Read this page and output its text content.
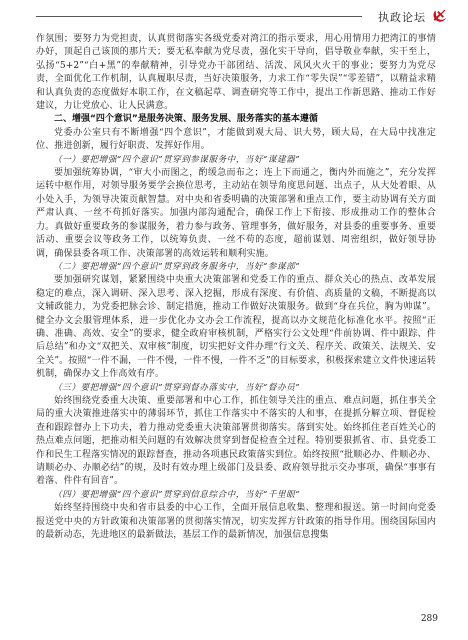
执政论坛

作氛围；要努力为党担责，认真贯彻落实各级党委对湾江的指示要求，用心用情用力把湾江的事情办好，顶起自己该顶的那片天；要无私奉献为党尽责，强化实干导向，倡导敬业奉献，实干至上，弘扬“5+2”“白+黑”的奉献精神，引导党办干部团结、活泼、风风火火干的事业；要努力为党尽责，全面优化工作机制，认真履职尽责，当好决策服务，力求工作“零失误”“零差错”，以精益求精和认真负责的态度做好本职工作，在文稿起草、调查研究等工作中，提出工作新思路、推动工作好建议，力让党放心、让人民满意。

二、增强“四个意识”是服务决策、服务发展、服务落实的基本遵循

党委办公室只有不断增强“四个意识”，才能做到观大局、识大势，顾大局，在大局中找准定位、推进创新，履行好职责、发挥好作用。

（一）要把增强“四个意识”贯穿到参谋服务中，当好“谋建器”

要加强统筹协调，“审大小而图之，酌缓急而布之；连上下而通之，衡内外而施之”，充分发挥运转中枢作用，对领导服务要学会换位思考，主动站在领导角度思问题、出点子，从大处着眼、从小处入手，为领导决策贡献智慧。对中央和省委明确的决策部署和重点工作，要主动协调有关方面严肃认真、一丝不苟抓好落实。加强内部沟通配合，确保工作上下衔接、形成推动工作的整体合力。真做好重要政务的参谋服务，着力参与政务、管理事务，做好服务，对县委的重要事务、重要活动、重要会议等政务工作，以统筹负责、一丝不苟的态度，超前谋划、周密组织，做好领导协调，确保县委各项工作、决策部署的高效运转和顺利实施。

（二）要把增强“四个意识”贯穿到政务服务中，当好“参谋部”

要加强研究谋划，紧紧围绕中央重大决策部署和党委工作的重点、群众关心的热点、改革发展稳定的难点，深入调研、深入思考、深入挖掘，形成有深度、有价值、高质量的文稿，不断提高以文辅政能力，为党委把脉会诊、制定措施，推动工作做好决策服务。做到“身在兵位，胸为帅谋”。健全办文会服管理体系，进一步优化办文办会工作流程，提高以办文规范化标准化水平。按照“正确、准确、高效、安全”的要求，健全政府审核机制，严格实行公文处理“件前协调、件中跟踪、件后总结”和办文“双把关、双审核”制度，切实把好文件办理“行文关、程序关、政策关、法规关、安全关”。按照“一件不漏，一件不慢，一件不慢，一件不乏”的目标要求，积极探索建立文件快速运转机制，确保办文上作高效有序。

（三）要把增强“四个意识”贯穿到督办落实中，当好“督办员”

始终围绕党委重大决策、重要部署和中心工作，抓住领导关注的重点、难点问题，抓住事关全局的重大决策推进落实中的薄弱环节，抓住工作落实中不落实的人和事，在提抓分解立项、督促检查和跟踪督办上下功夫，着力推动党委重大决策部署贯彻落实。落到实处。始终抓住老百姓关心的热点难点问题，把推动相关问题的有效解决贯穿到督促检查全过程。特别要狠抓省、市、县党委工作和民生工程落实情况的跟踪督查，推动各项惠民政策落实到位。始终按照“批顺必办、件顺必办、请顺必办、办顺必结”的规，及时有效办理上级部门及县委、政府领导批示交办事项，确保“事事有着落、件件有回音”。

（四）要把增强“四个意识”贯穿到信息综合中，当好“千里眼”

始终坚持围绕中央和省市县委的中心工作，全面开展信息收集、整理和报送。第一时间向党委报送党中央的方针政策和决策部署的贯彻落实情况，切实发挥方针政策的指导作用。围绕国际国内的最新动态，先进地区的最新做法，基层工作的最新情况，加强信息搜集

289
